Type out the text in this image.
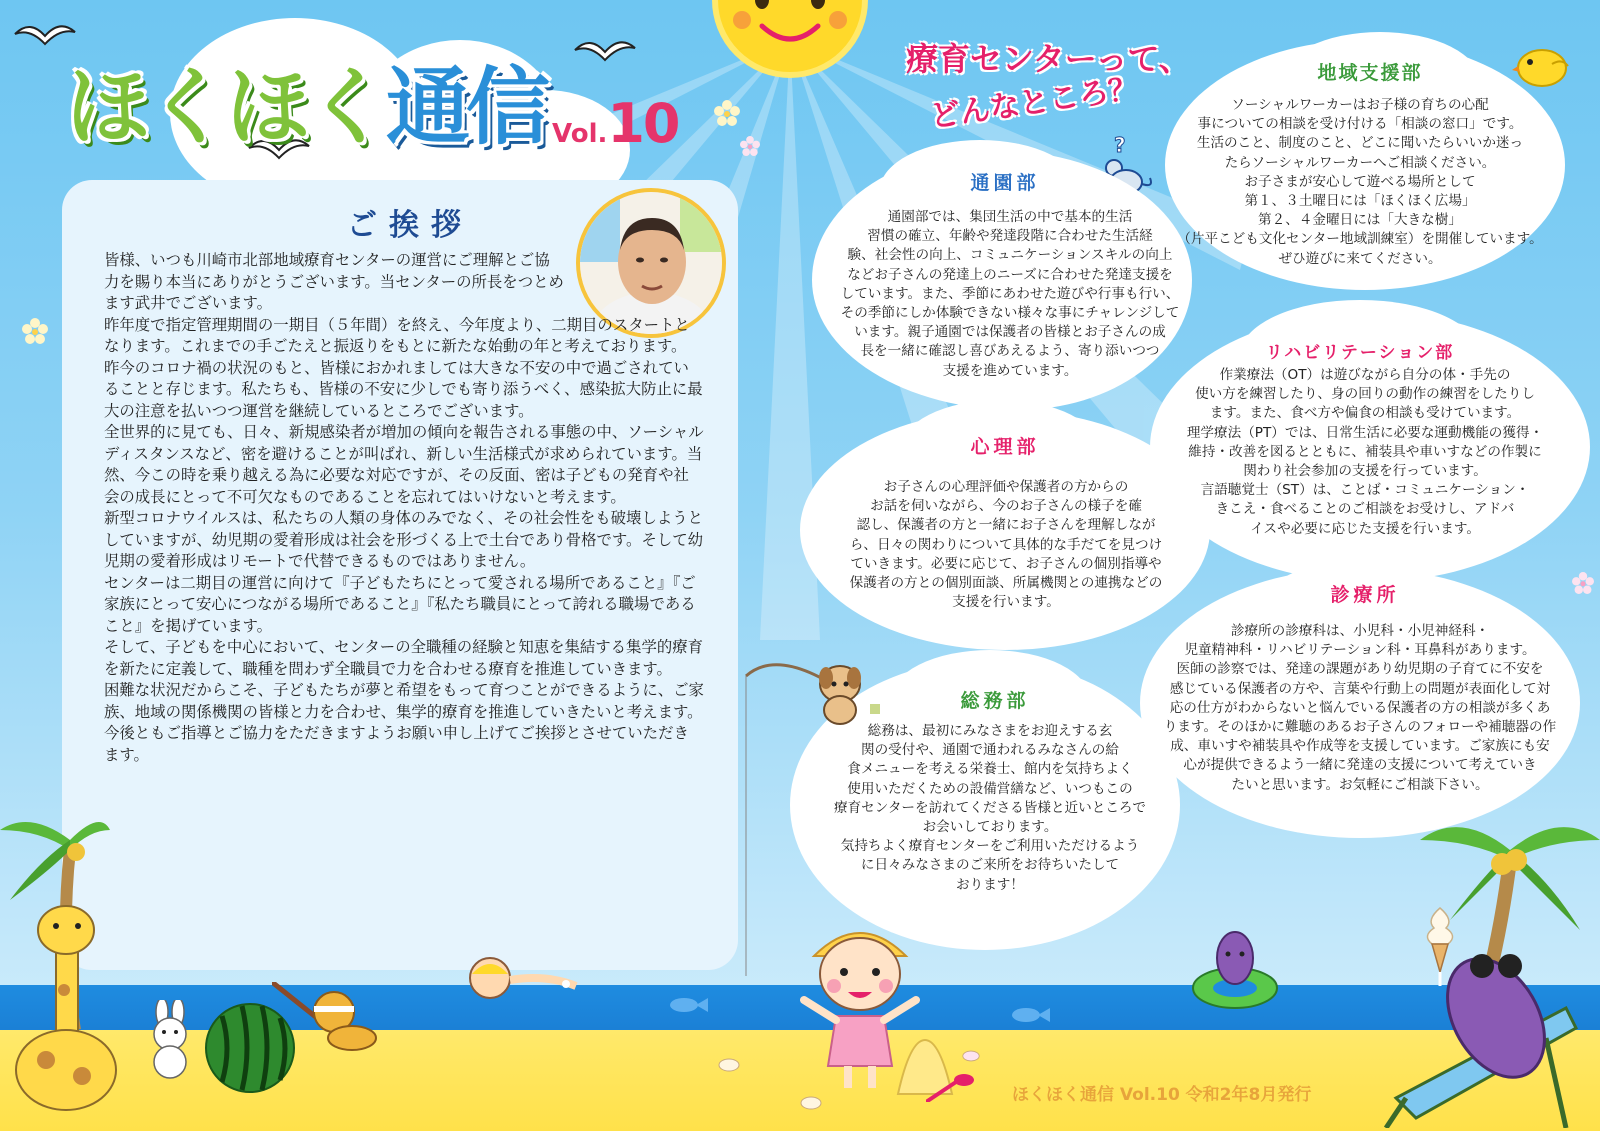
ほくほく通信 Vol.10
ご挨拶

皆様、いつも川崎市北部地域療育センターの運営にご理解とご協力を賜り本当にありがとうございます。当センターの所長をつとめます武井でございます。

昨年度で指定管理期間の一期目（５年間）を終え、今年度より、二期目のスタートとなります。これまでの手ごたえと振返りをもとに新たな始動の年と考えております。

昨今のコロナ禍の状況のもと、皆様におかれましては大きな不安の中で過ごされていることと存じます。私たちも、皆様の不安に少しでも寄り添うべく、感染拡大防止に最大の注意を払いつつ運営を継続しているところでございます。

全世界的に見ても、日々、新規感染者が増加の傾向を報告される事態の中、ソーシャルディスタンスなど、密を避けることが叫ばれ、新しい生活様式が求められています。当然、今この時を乗り越える為に必要な対応ですが、その反面、密は子どもの発育や社会の成長にとって不可欠なものであることを忘れてはいけないと考えます。

新型コロナウイルスは、私たちの人類の身体のみでなく、その社会性をも破壊しようとしていますが、幼児期の愛着形成は社会を形づくる上で土台であり骨格です。そして幼児期の愛着形成はリモートで代替できるものではありません。

センターは二期目の運営に向けて『子どもたちにとって愛される場所であること』『ご家族にとって安心につながる場所であること』『私たち職員にとって誇れる職場であること』を掲げています。

そして、子どもを中心において、センターの全職種の経験と知恵を集結する集学的療育を新たに定義して、職種を問わず全職員で力を合わせる療育を推進していきます。

困難な状況だからこそ、子どもたちが夢と希望をもって育つことができるように、ご家族、地域の関係機関の皆様と力を合わせ、集学的療育を推進していきたいと考えます。

今後ともご指導とご協力をただきますようお願い申し上げてご挨拶とさせていただきます。

療育センターって、
どんなところ？
?
通園部

通園部では、集団生活の中で基本的生活

習慣の確立、年齢や発達段階に合わせた生活経

験、社会性の向上、コミュニケーションスキルの向上

などお子さんの発達上のニーズに合わせた発達支援を

しています。また、季節にあわせた遊びや行事も行い、

その季節にしか体験できない様々な事にチャレンジして

います。親子通園では保護者の皆様とお子さんの成

長を一緒に確認し喜びあえるよう、寄り添いつつ

支援を進めています。

地域支援部

ソーシャルワーカーはお子様の育ちの心配

事についての相談を受け付ける「相談の窓口」です。

生活のこと、制度のこと、どこに聞いたらいいか迷っ

たらソーシャルワーカーへご相談ください。

お子さまが安心して遊べる場所として

第１、３土曜日には「ほくほく広場」

第２、４金曜日には「大きな樹」

（片平こども文化センター地域訓練室）を開催しています。

ぜひ遊びに来てください。

心理部

お子さんの心理評価や保護者の方からの

お話を伺いながら、今のお子さんの様子を確

認し、保護者の方と一緒にお子さんを理解しなが

ら、日々の関わりについて具体的な手だてを見つけ

ていきます。必要に応じて、お子さんの個別指導や

保護者の方との個別面談、所属機関との連携などの

支援を行います。

リハビリテーション部

作業療法（OT）は遊びながら自分の体・手先の

使い方を練習したり、身の回りの動作の練習をしたりし

ます。また、食べ方や偏食の相談も受けています。

理学療法（PT）では、日常生活に必要な運動機能の獲得・

維持・改善を図るとともに、補装具や車いすなどの作製に

関わり社会参加の支援を行っています。

言語聴覚士（ST）は、ことば・コミュニケーション・

きこえ・食べることのご相談をお受けし、アドバ

イスや必要に応じた支援を行います。

総務部

総務は、最初にみなさまをお迎えする玄

関の受付や、通園で通われるみなさんの給

食メニューを考える栄養士、館内を気持ちよく

使用いただくための設備営繕など、いつもこの

療育センターを訪れてくださる皆様と近いところで

お会いしております。

気持ちよく療育センターをご利用いただけるよう

に日々みなさまのご来所をお待ちいたして

おります！

診療所

診療所の診療科は、小児科・小児神経科・

児童精神科・リハビリテーション科・耳鼻科があります。

医師の診察では、発達の課題があり幼児期の子育てに不安を

感じている保護者の方や、言葉や行動上の問題が表面化して対

応の仕方がわからないと悩んでいる保護者の方の相談が多くあ

ります。そのほかに難聴のあるお子さんのフォローや補聴器の作

成、車いすや補装具や作成等を支援しています。ご家族にも安

心が提供できるよう一緒に発達の支援について考えていき

たいと思います。お気軽にご相談下さい。

ほくほく通信 Vol.10 令和2年8月発行
